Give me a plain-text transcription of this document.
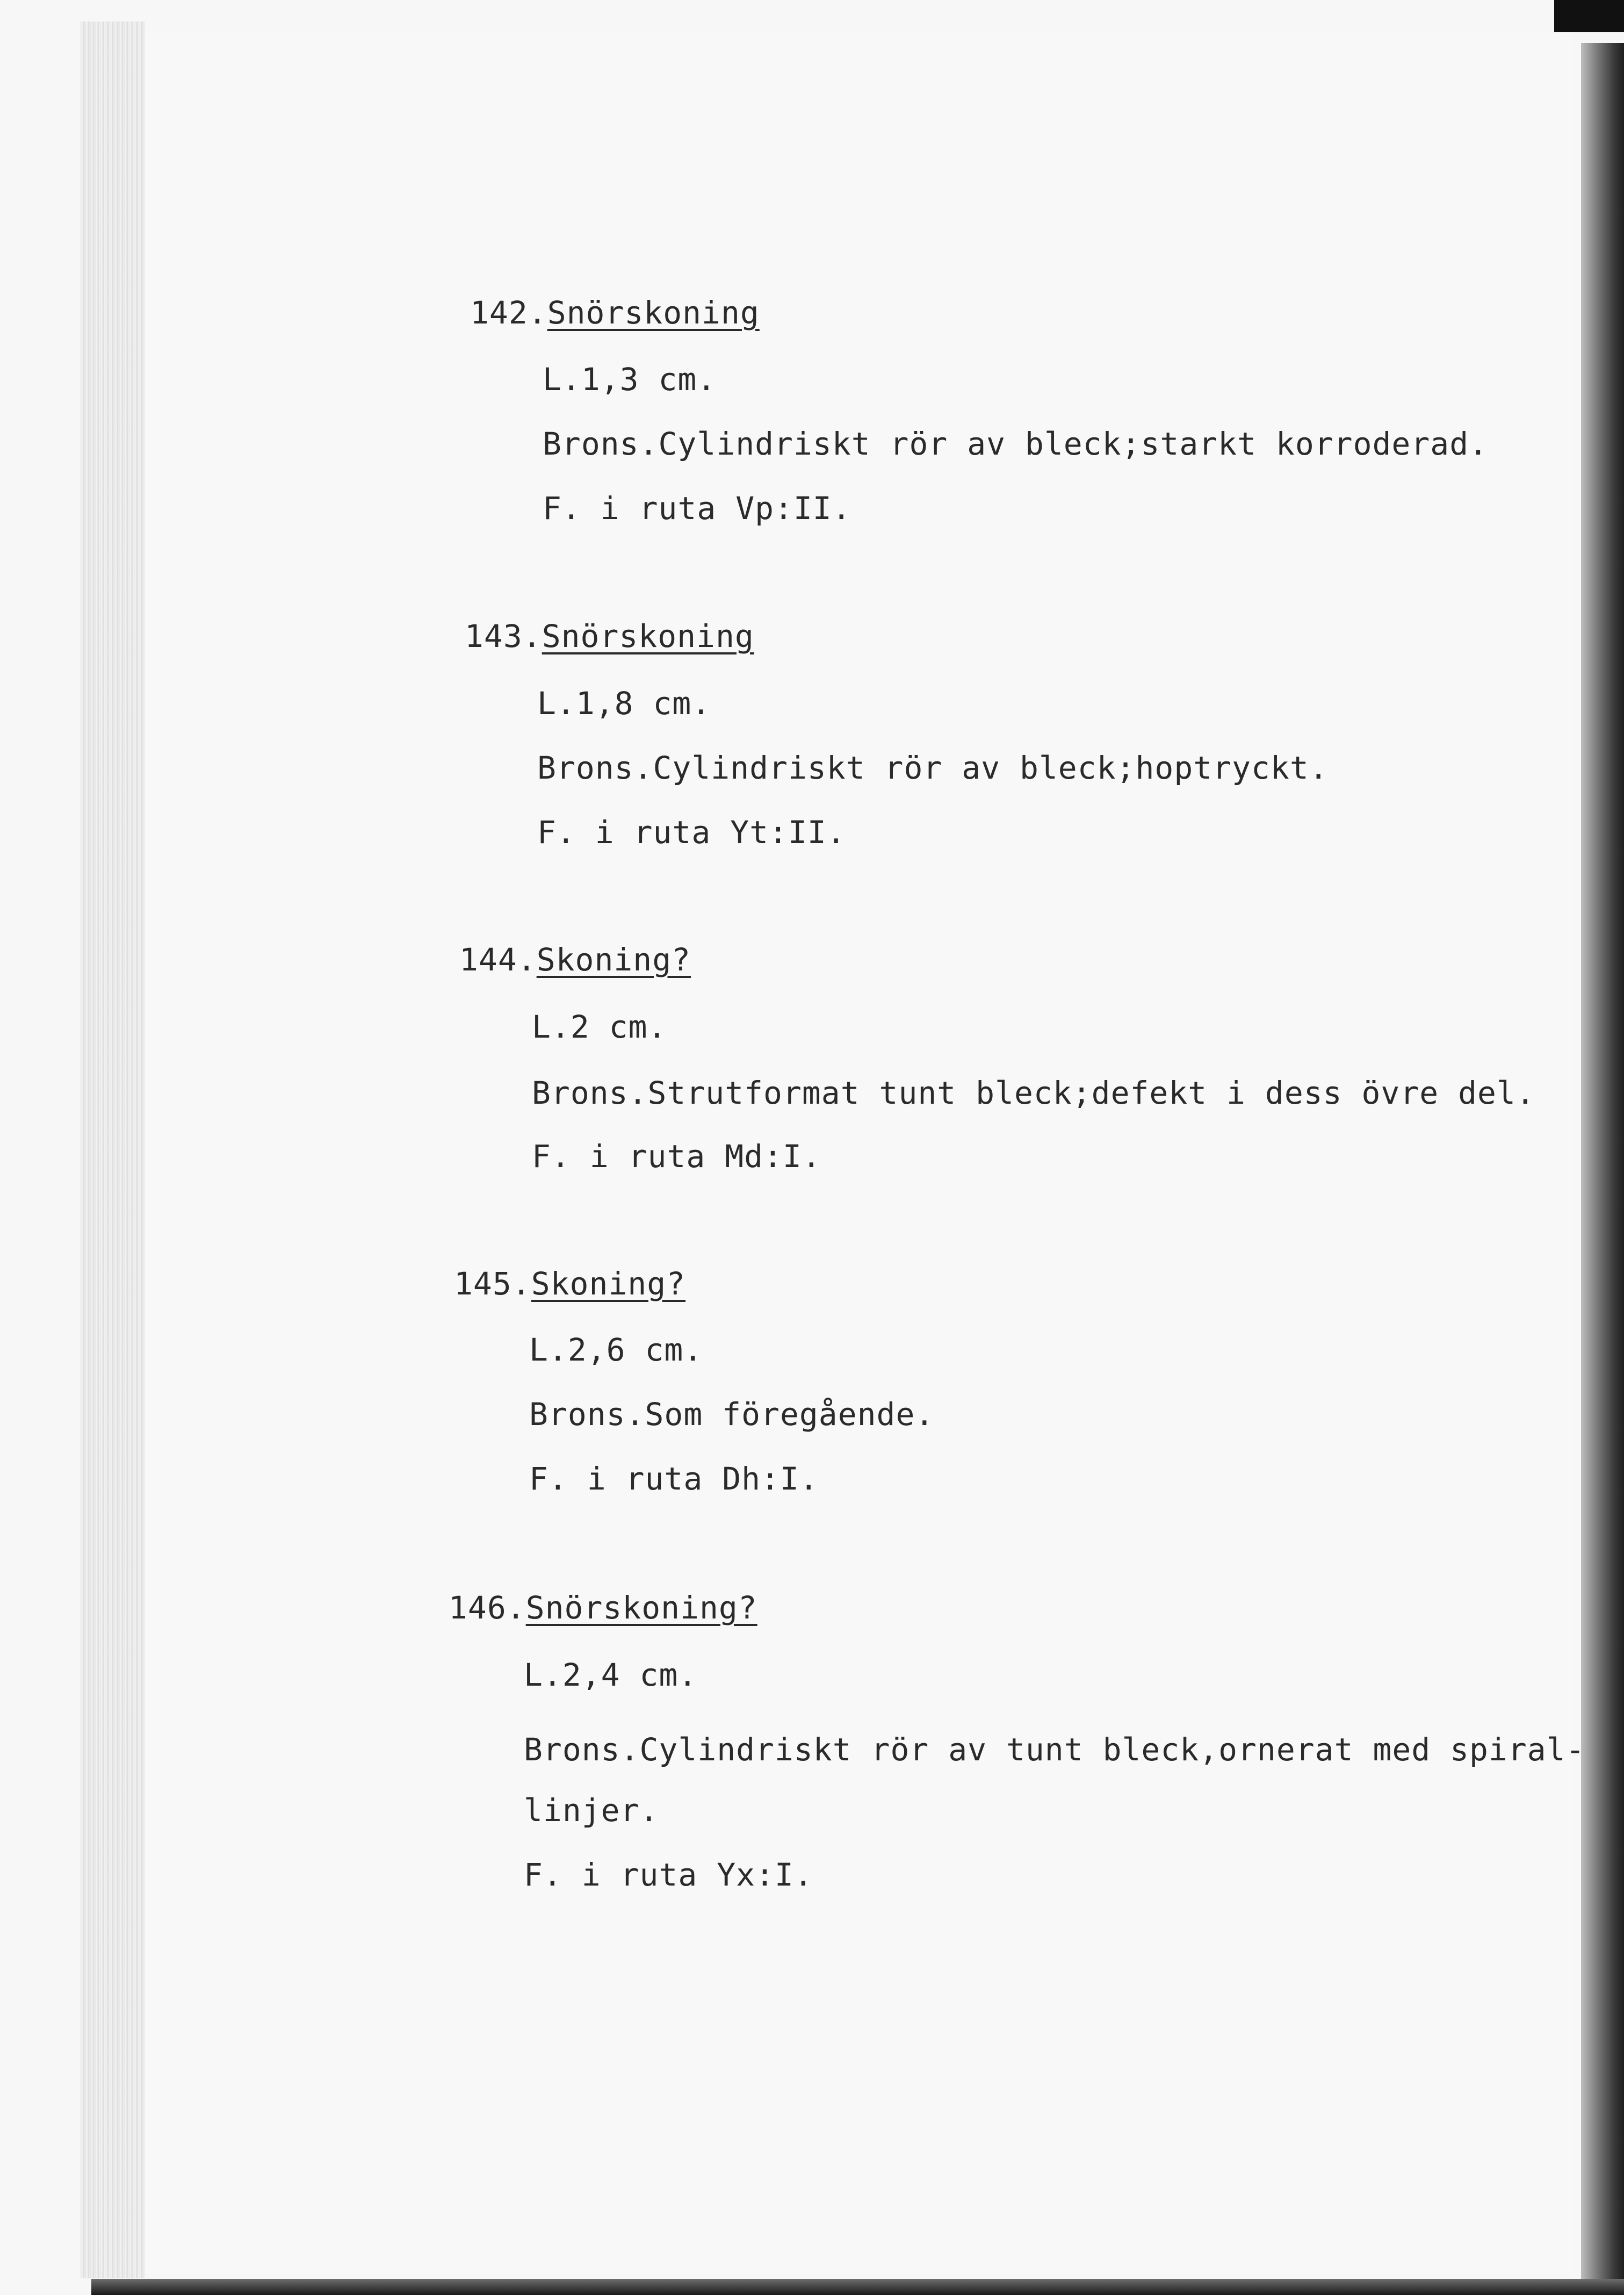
142.Snörskoning
L.1,3 cm.
Brons.Cylindriskt rör av bleck;starkt korroderad.
F. i ruta Vp:II.
143.Snörskoning
L.1,8 cm.
Brons.Cylindriskt rör av bleck;hoptryckt.
F. i ruta Yt:II.
144.Skoning?
L.2 cm.
Brons.Strutformat tunt bleck;defekt i dess övre del.
F. i ruta Md:I.
145.Skoning?
L.2,6 cm.
Brons.Som föregående.
F. i ruta Dh:I.
146.Snörskoning?
L.2,4 cm.
Brons.Cylindriskt rör av tunt bleck,ornerat med spiral-
linjer.
F. i ruta Yx:I.
